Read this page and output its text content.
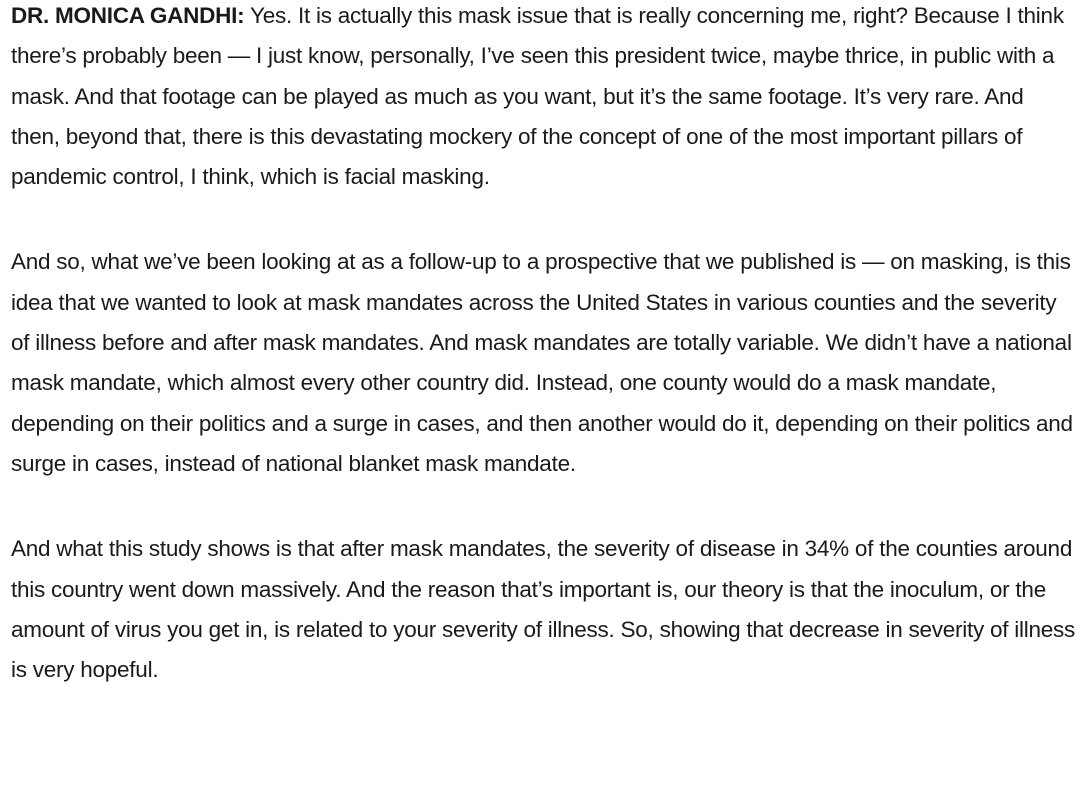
DR. MONICA GANDHI: Yes. It is actually this mask issue that is really concerning me, right? Because I think there’s probably been — I just know, personally, I’ve seen this president twice, maybe thrice, in public with a mask. And that footage can be played as much as you want, but it’s the same footage. It’s very rare. And then, beyond that, there is this devastating mockery of the concept of one of the most important pillars of pandemic control, I think, which is facial masking.

And so, what we’ve been looking at as a follow-up to a prospective that we published is — on masking, is this idea that we wanted to look at mask mandates across the United States in various counties and the severity of illness before and after mask mandates. And mask mandates are totally variable. We didn’t have a national mask mandate, which almost every other country did. Instead, one county would do a mask mandate, depending on their politics and a surge in cases, and then another would do it, depending on their politics and surge in cases, instead of national blanket mask mandate.

And what this study shows is that after mask mandates, the severity of disease in 34% of the counties around this country went down massively. And the reason that’s important is, our theory is that the inoculum, or the amount of virus you get in, is related to your severity of illness. So, showing that decrease in severity of illness is very hopeful.
